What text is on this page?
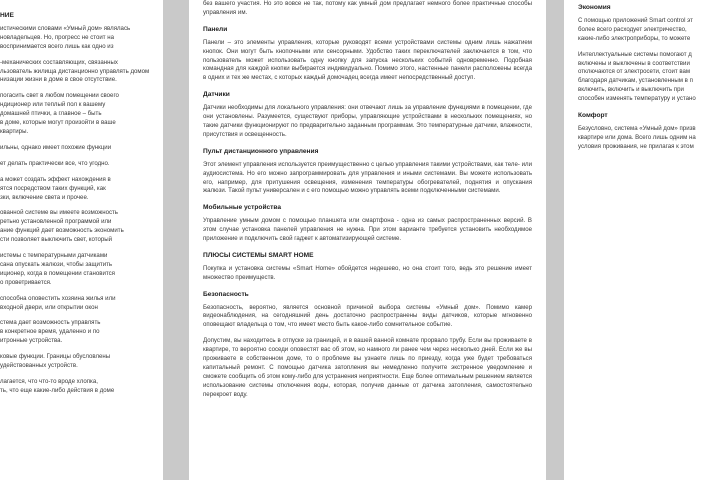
НИЕ

истическими словами «Умный дом» являлась
новладельцев. Но, прогресс не стоит на
воспринимается всего лишь как одно из

-механических составляющих, связанных
льзователь жилища дистанционно управлять домом
низации жизни в доме в свое отсутствие.

погасить свет в любом помещении своего
ндиционер или теплый пол к вашему
домашней птички, а главное – быть
в доме, которые могут произойти в ваше
квартиры.

ильны, однако имеет похожие функции

ет делать практически все, что угодно.

а может создать эффект нахождения в
ятся посредством таких функций, как
зки, включение света и прочее.

ованной системе вы имеете возможность
ретьно установленной программой или
ание функций дает возможность экономить
сти позволяет выключить свет, который

истемы с температурными датчиками
сана опускать жалюзи, чтобы защитить
иционер, когда в помещении становится
о проветривается.

способна оповестить хозяина жилья или
входной двери, или открытии окон

стема дает возможность управлять
в конкретное время, удаленно и по
итронные устройства.

ковые функции. Границы обусловлены
удействованных устройств.

лагается, что что-то вроде хлопка,
ть, что еще какие-либо действия в доме

без вашего участия. Но это вовсе не так, потому как умный дом предлагает немного более практичные способы управления им.

Панели

Панели – это элементы управления, которые руководят всеми устройствами системы одним лишь нажатием кнопок. Они могут быть кнопочными или сенсорными. Удобство таких переключателей заключается в том, что пользователь может использовать одну кнопку для запуска нескольких событий одновременно. Подобная командная для каждой кнопки выбирается индивидуально. Помимо этого, настенные панели расположены всегда в одних и тех же местах, с которых каждый домочадец всегда имеет непосредственный доступ.

Датчики

Датчики необходимы для локального управления: они отвечают лишь за управление функциями в помещении, где они установлены. Разумеется, существуют приборы, управляющие устройствами в нескольких помещениях, но такие датчики функционируют по предварительно заданным программам. Это температурные датчики, влажности, присутствия и освещенность.

Пульт дистанционного управления

Этот элемент управления используется преимущественно с целью управления такими устройствами, как теле- или аудиосистема. Но его можно запрограммировать для управления и иными системами. Вы можете использовать его, например, для притушения освещения, изменения температуры обогревателей, поднятия и опускания жалюзи. Такой пульт универсален и с его помощью можно управлять всеми подключенными системами.

Мобильные устройства

Управление умным домом с помощью планшета или смартфона - одна из самых распространенных версий. В этом случае установка панелей управления не нужна. При этом варианте требуется установить необходимое приложение и подключить свой гаджет к автоматизирующей системе.

ПЛЮСЫ СИСТЕМЫ SMART HOME

Покупка и установка системы «Smart Home» обойдется недешево, но она стоит того, ведь это решение имеет множество преимуществ.

Безопасность

Безопасность, вероятно, является основной причиной выбора системы «Умный дом». Помимо камер видеонаблюдения, на сегодняшний день достаточно распространены виды датчиков, которые мгновенно оповещают владельца о том, что имеет место быть какое-либо сомнительное событие.

Допустим, вы находитесь в отпуске за границей, и в вашей ванной комнате прорвало трубу. Если вы проживаете в квартире, то вероятно соседи оповестят вас об этом, но намного ли ранее чем через несколько дней. Если же вы проживаете в собственном доме, то о проблеме вы узнаете лишь по приезду, когда уже будет требоваться капитальный ремонт. С помощью датчика затопления вы немедленно получите экстренное уведомление и сможете сообщить об этом кому-либо для устранения неприятности. Еще более оптимальным решением является использование системы отключения воды, которая, получив данные от датчика затопления, самостоятельно перекроет воду.

Экономия

С помощью приложений Smart control эт
более всего расходует электричество,
какие-либо электроприборы, то можете

Интеллектуальные системы помогают д
включены и выключены в соответствии
отключаются от электросети, стоит вам
благодаря датчикам, установленным в п
включить, включить и выключить при
способен изменять температуру и устано

Комфорт

Безусловно, система «Умный дом» призв
квартире или дома. Всего лишь одним на
условия проживания, не прилагая к этом
